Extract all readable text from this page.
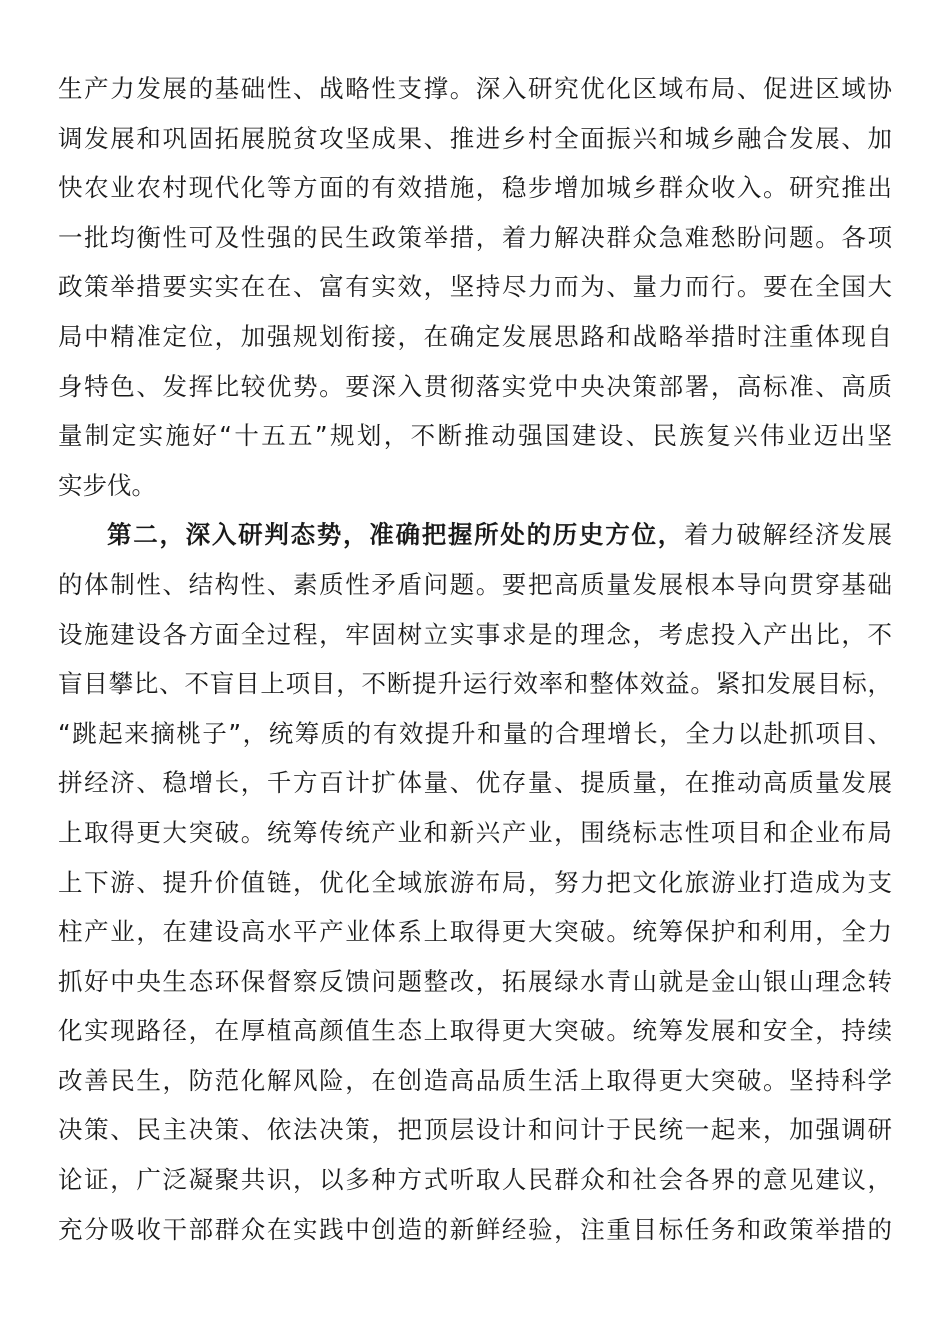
生产力发展的基础性、战略性支撑。深入研究优化区域布局、促进区域协
调发展和巩固拓展脱贫攻坚成果、推进乡村全面振兴和城乡融合发展、加
快农业农村现代化等方面的有效措施，稳步增加城乡群众收入。研究推出
一批均衡性可及性强的民生政策举措，着力解决群众急难愁盼问题。各项
政策举措要实实在在、富有实效，坚持尽力而为、量力而行。要在全国大
局中精准定位，加强规划衔接，在确定发展思路和战略举措时注重体现自
身特色、发挥比较优势。要深入贯彻落实党中央决策部署，高标准、高质
量制定实施好“十五五”规划，不断推动强国建设、民族复兴伟业迈出坚
实步伐。
第二，深入研判态势，准确把握所处的历史方位，着力破解经济发展
的体制性、结构性、素质性矛盾问题。要把高质量发展根本导向贯穿基础
设施建设各方面全过程，牢固树立实事求是的理念，考虑投入产出比，不
盲目攀比、不盲目上项目，不断提升运行效率和整体效益。紧扣发展目标，
“跳起来摘桃子”，统筹质的有效提升和量的合理增长，全力以赴抓项目、
拼经济、稳增长，千方百计扩体量、优存量、提质量，在推动高质量发展
上取得更大突破。统筹传统产业和新兴产业，围绕标志性项目和企业布局
上下游、提升价值链，优化全域旅游布局，努力把文化旅游业打造成为支
柱产业，在建设高水平产业体系上取得更大突破。统筹保护和利用，全力
抓好中央生态环保督察反馈问题整改，拓展绿水青山就是金山银山理念转
化实现路径，在厚植高颜值生态上取得更大突破。统筹发展和安全，持续
改善民生，防范化解风险，在创造高品质生活上取得更大突破。坚持科学
决策、民主决策、依法决策，把顶层设计和问计于民统一起来，加强调研
论证，广泛凝聚共识，以多种方式听取人民群众和社会各界的意见建议，
充分吸收干部群众在实践中创造的新鲜经验，注重目标任务和政策举措的
